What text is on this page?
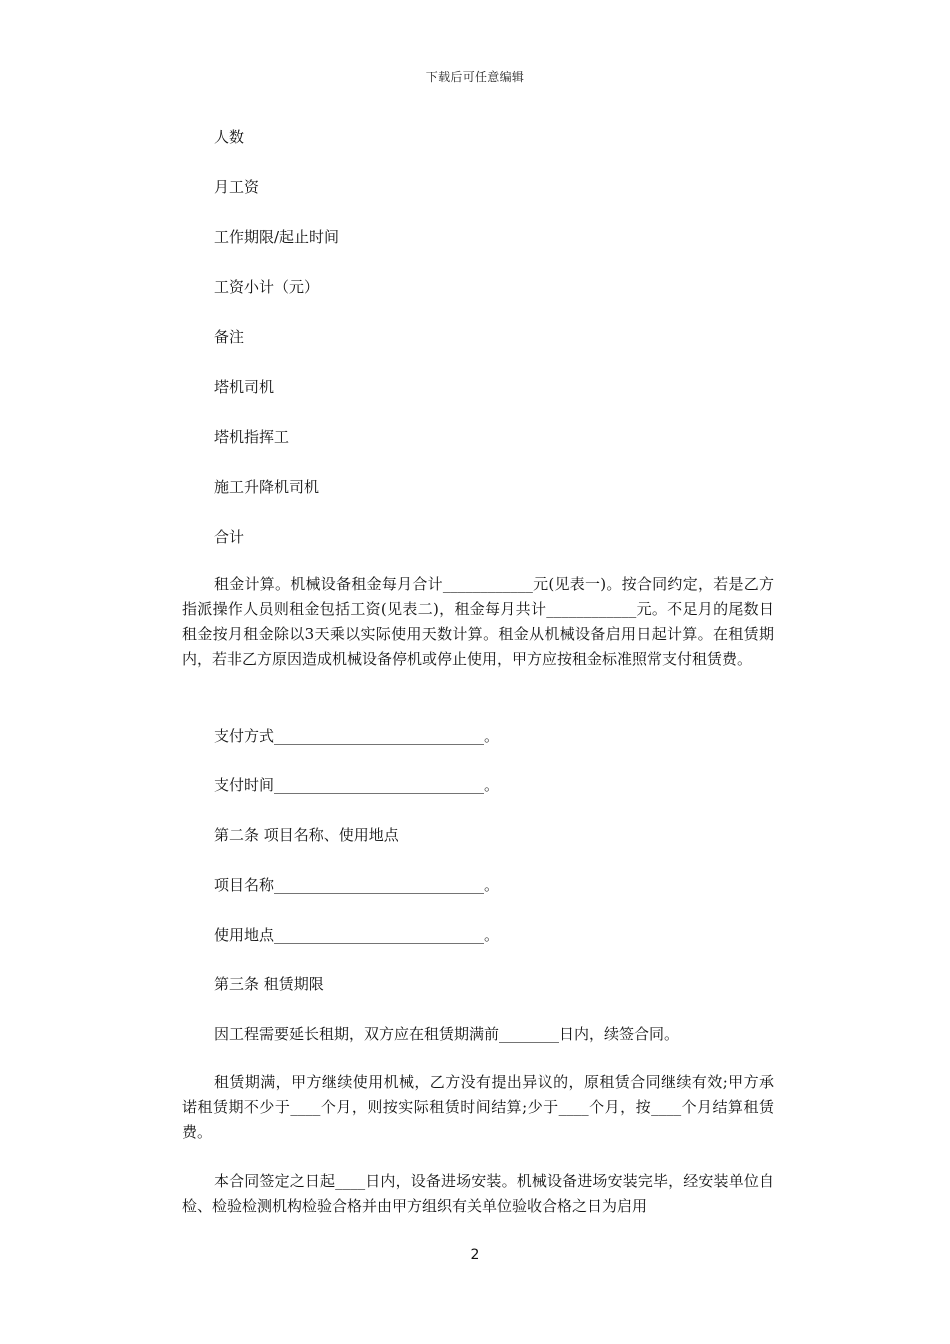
下载后可任意编辑
人数
月工资
工作期限/起止时间
工资小计（元）
备注
塔机司机
塔机指挥工
施工升降机司机
合计

租金计算。机械设备租金每月合计____________元(见表一)。按合同约定，若是乙方指派操作人员则租金包括工资(见表二)，租金每月共计____________元。不足月的尾数日租金按月租金除以3天乘以实际使用天数计算。租金从机械设备启用日起计算。在租赁期内，若非乙方原因造成机械设备停机或停止使用，甲方应按租金标准照常支付租赁费。

支付方式____________________________。
支付时间____________________________。
第二条 项目名称、使用地点
项目名称____________________________。
使用地点____________________________。
第三条 租赁期限
因工程需要延长租期，双方应在租赁期满前________日内，续签合同。

租赁期满，甲方继续使用机械，乙方没有提出异议的，原租赁合同继续有效;甲方承诺租赁期不少于____个月，则按实际租赁时间结算;少于____个月，按____个月结算租赁费。

本合同签定之日起____日内，设备进场安装。机械设备进场安装完毕，经安装单位自检、检验检测机构检验合格并由甲方组织有关单位验收合格之日为启用

2
